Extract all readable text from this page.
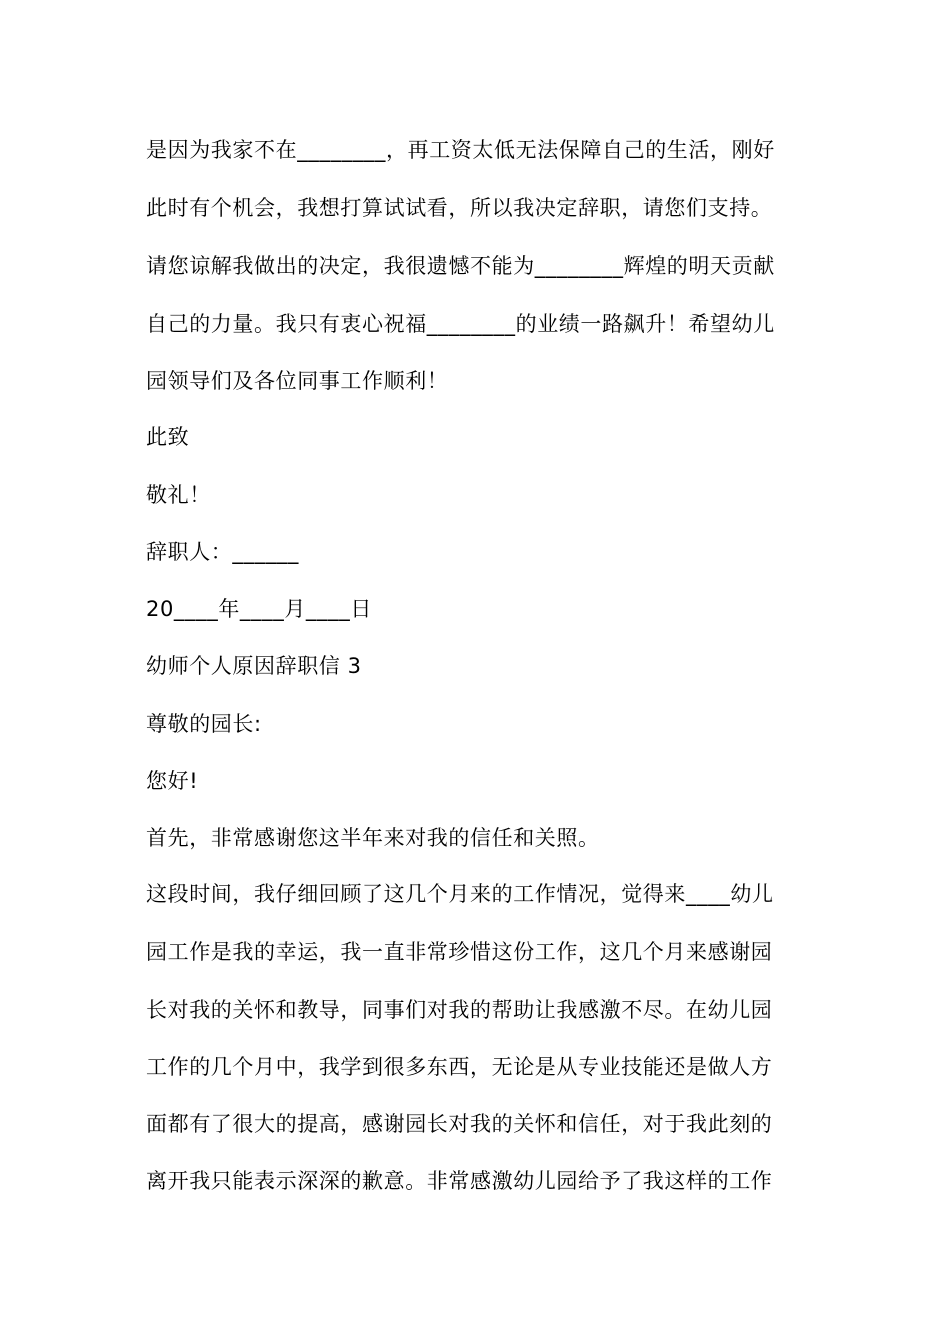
是因为我家不在________，再工资太低无法保障自己的生活，刚好
此时有个机会，我想打算试试看，所以我决定辞职，请您们支持。
请您谅解我做出的决定，我很遗憾不能为________辉煌的明天贡献
自己的力量。我只有衷心祝福________的业绩一路飙升！希望幼儿
园领导们及各位同事工作顺利！
此致
敬礼！
辞职人：______
20____年____月____日
幼师个人原因辞职信 3
尊敬的园长:
您好!
首先，非常感谢您这半年来对我的信任和关照。
这段时间，我仔细回顾了这几个月来的工作情况，觉得来____幼儿
园工作是我的幸运，我一直非常珍惜这份工作，这几个月来感谢园
长对我的关怀和教导，同事们对我的帮助让我感激不尽。在幼儿园
工作的几个月中，我学到很多东西，无论是从专业技能还是做人方
面都有了很大的提高，感谢园长对我的关怀和信任，对于我此刻的
离开我只能表示深深的歉意。非常感激幼儿园给予了我这样的工作
